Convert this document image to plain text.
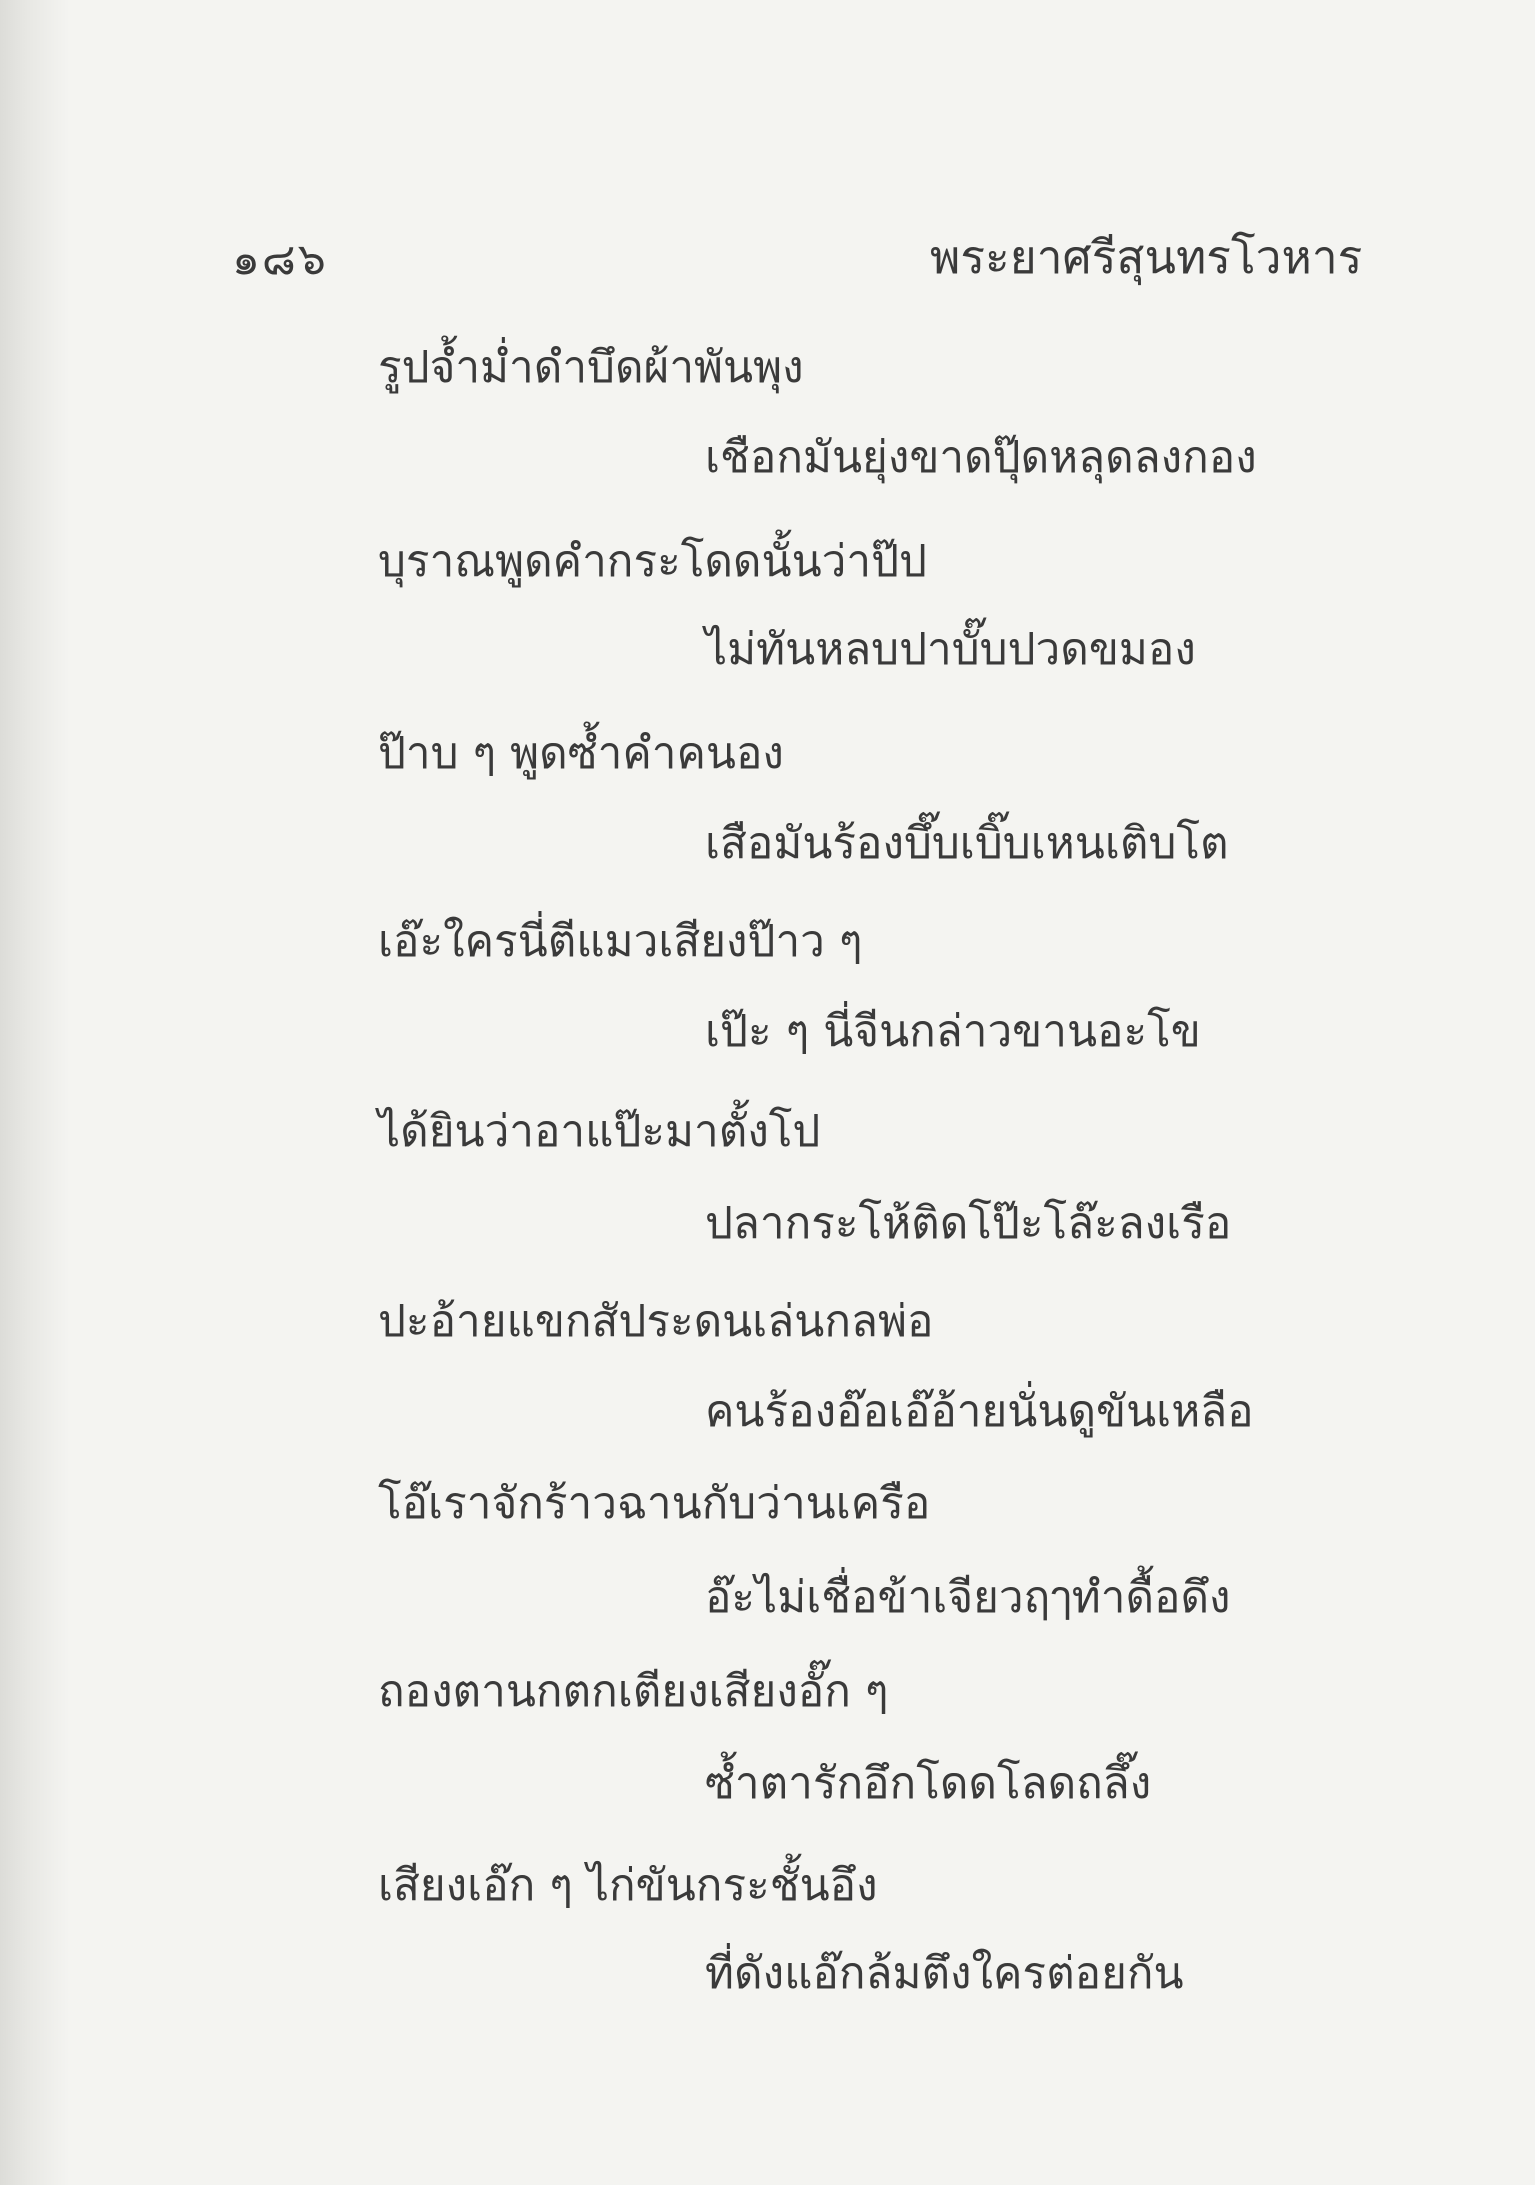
๑๘๖	พระยาศรีสุนทรโวหาร
รูปจ้ำม่ำดำบึดผ้าพันพุง
เชือกมันยุ่งขาดปุ๊ดหลุดลงกอง
บุราณพูดคำกระโดดนั้นว่าป๊ป
ไม่ทันหลบปาบั๊บปวดขมอง
ป๊าบ ๆ พูดซ้ำคำคนอง
เสือมันร้องบึ๊บเบิ๊บเหนเติบโต
เอ๊ะใครนี่ตีแมวเสียงป๊าว ๆ
เป๊ะ ๆ นี่จีนกล่าวขานอะโข
ได้ยินว่าอาแป๊ะมาตั้งโป
ปลากระโห้ติดโป๊ะโล๊ะลงเรือ
ปะอ้ายแขกสัประดนเล่นกลพ่อ
คนร้องอ๊อเอ๊อ้ายนั่นดูขันเหลือ
โอ๊เราจักร้าวฉานกับว่านเครือ
อ๊ะไม่เชื่อข้าเจียวฤๅทำดื้อดึง
ถองตานกตกเตียงเสียงอั๊ก ๆ
ซ้ำตารักอึกโดดโลดถลึ๊ง
เสียงเอ๊ก ๆ ไก่ขันกระชั้นอึง
ที่ดังแอ๊กล้มตึงใครต่อยกัน
